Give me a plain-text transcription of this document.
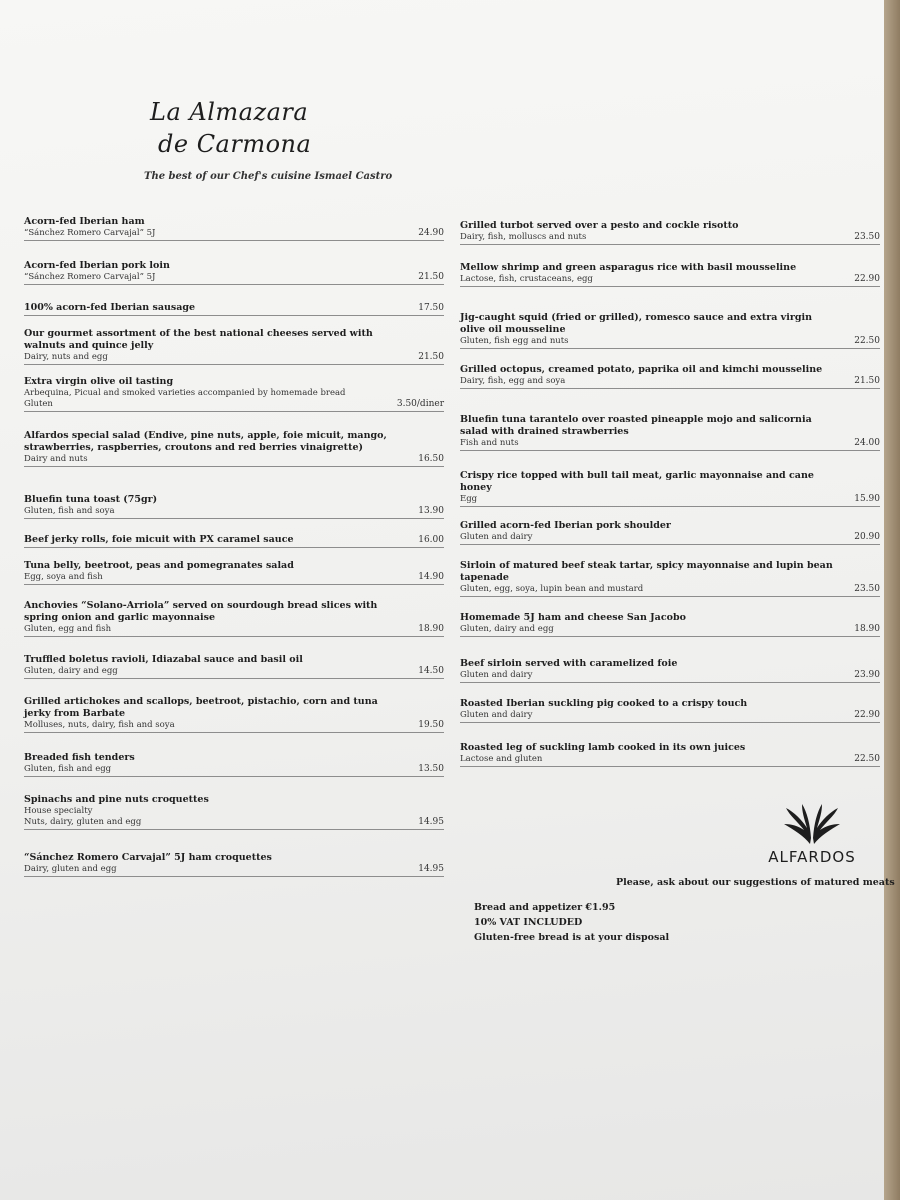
La Almazara
de Carmona
The best of our Chef's cuisine Ismael Castro
Acorn-fed Iberian ham
“Sánchez Romero Carvajal” 5J	24.90
Acorn-fed Iberian pork loin
“Sánchez Romero Carvajal” 5J	21.50
100% acorn-fed Iberian sausage	17.50
Our gourmet assortment of the best national cheeses served with walnuts and quince jelly
Dairy, nuts and egg	21.50
Extra virgin olive oil tasting
Arbequina, Picual and smoked varieties accompanied by homemade bread
Gluten	3.50/diner
Alfardos special salad (Endive, pine nuts, apple, foie micuit, mango, strawberries, raspberries, croutons and red berries vinaigrette)
Dairy and nuts	16.50
Bluefin tuna toast (75gr)
Gluten, fish and soya	13.90
Beef jerky rolls, foie micuit with PX caramel sauce	16.00
Tuna belly, beetroot, peas and pomegranates salad
Egg, soya and fish	14.90
Anchovies “Solano-Arriola” served on sourdough bread slices with spring onion and garlic mayonnaise
Gluten, egg and fish	18.90
Truffled boletus ravioli, Idiazabal sauce and basil oil
Gluten, dairy and egg	14.50
Grilled artichokes and scallops, beetroot, pistachio, corn and tuna jerky from Barbate
Molluses, nuts, dairy, fish and soya	19.50
Breaded fish tenders
Gluten, fish and egg	13.50
Spinachs and pine nuts croquettes
House specialty
Nuts, dairy, gluten and egg	14.95
“Sánchez Romero Carvajal” 5J ham croquettes
Dairy, gluten and egg	14.95
Grilled turbot served over a pesto and cockle risotto
Dairy, fish, molluscs and nuts	23.50
Mellow shrimp and green asparagus rice with basil mousseline
Lactose, fish, crustaceans, egg	22.90
Jig-caught squid (fried or grilled), romesco sauce and extra virgin olive oil mousseline
Gluten, fish egg and nuts	22.50
Grilled octopus, creamed potato, paprika oil and kimchi mousseline
Dairy, fish, egg and soya	21.50
Bluefin tuna tarantelo over roasted pineapple mojo and salicornia salad with drained strawberries
Fish and nuts	24.00
Crispy rice topped with bull tail meat, garlic mayonnaise and cane honey
Egg	15.90
Grilled acorn-fed Iberian pork shoulder
Gluten and dairy	20.90
Sirloin of matured beef steak tartar, spicy mayonnaise and lupin bean tapenade
Gluten, egg, soya, lupin bean and mustard	23.50
Homemade 5J ham and cheese San Jacobo
Gluten, dairy and egg	18.90
Beef sirloin served with caramelized foie
Gluten and dairy	23.90
Roasted Iberian suckling pig cooked to a crispy touch
Gluten and dairy	22.90
Roasted leg of suckling lamb cooked in its own juices
Lactose and gluten	22.50
ALFARDOS
Please, ask about our suggestions of matured meats
Bread and appetizer €1.95
10% VAT INCLUDED
Gluten-free bread is at your disposal
